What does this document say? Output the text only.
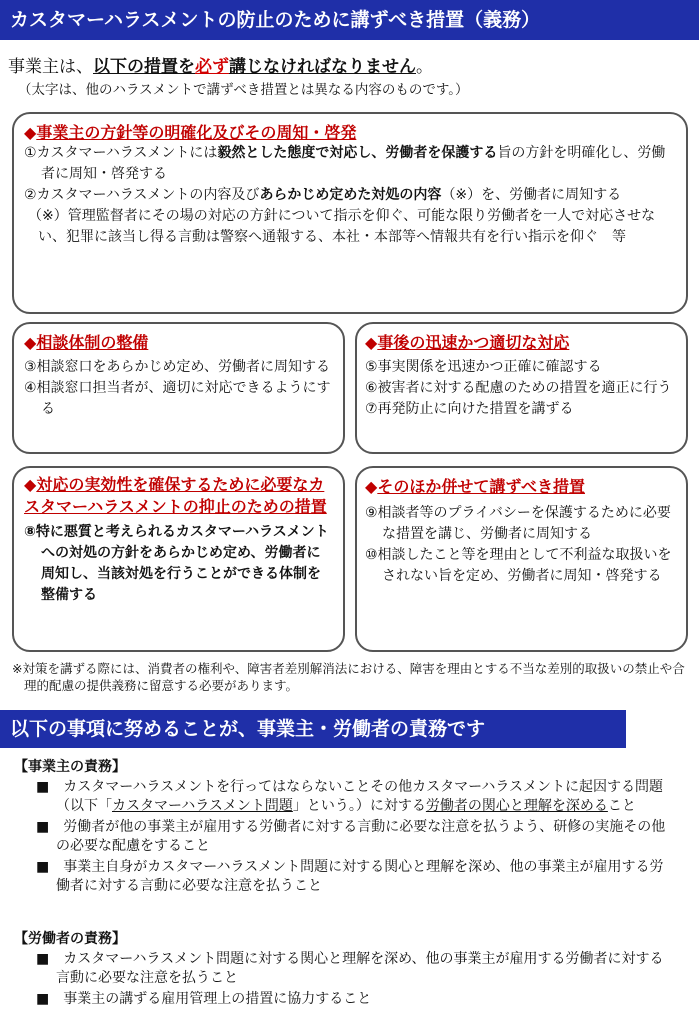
カスタマーハラスメントの防止のために講ずべき措置（義務）
事業主は、以下の措置を必ず講じなければなりません。
（太字は、他のハラスメントで講ずべき措置とは異なる内容のものです。）
◆事業主の方針等の明確化及びその周知・啓発
①カスタマーハラスメントには毅然とした態度で対応し、労働者を保護する旨の方針を明確化し、労働者に周知・啓発する
②カスタマーハラスメントの内容及びあらかじめ定めた対処の内容（※）を、労働者に周知する
（※）管理監督者にその場の対応の方針について指示を仰ぐ、可能な限り労働者を一人で対応させない、犯罪に該当し得る言動は警察へ通報する、本社・本部等へ情報共有を行い指示を仰ぐ　等
◆相談体制の整備
③相談窓口をあらかじめ定め、労働者に周知する
④相談窓口担当者が、適切に対応できるようにする
◆事後の迅速かつ適切な対応
⑤事実関係を迅速かつ正確に確認する
⑥被害者に対する配慮のための措置を適正に行う
⑦再発防止に向けた措置を講ずる
◆対応の実効性を確保するために必要なカスタマーハラスメントの抑止のための措置
⑧特に悪質と考えられるカスタマーハラスメントへの対処の方針をあらかじめ定め、労働者に周知し、当該対処を行うことができる体制を整備する
◆そのほか併せて講ずべき措置
⑨相談者等のプライバシーを保護するために必要な措置を講じ、労働者に周知する
⑩相談したこと等を理由として不利益な取扱いをされない旨を定め、労働者に周知・啓発する
※対策を講ずる際には、消費者の権利や、障害者差別解消法における、障害を理由とする不当な差別的取扱いの禁止や合理的配慮の提供義務に留意する必要があります。
以下の事項に努めることが、事業主・労働者の責務です
【事業主の責務】
■　 カスタマーハラスメントを行ってはならないことその他カスタマーハラスメントに起因する問題（以下「カスタマーハラスメント問題」という。）に対する労働者の関心と理解を深めること
■　 労働者が他の事業主が雇用する労働者に対する言動に必要な注意を払うよう、研修の実施その他の必要な配慮をすること
■　 事業主自身がカスタマーハラスメント問題に対する関心と理解を深め、他の事業主が雇用する労働者に対する言動に必要な注意を払うこと
【労働者の責務】
■　 カスタマーハラスメント問題に対する関心と理解を深め、他の事業主が雇用する労働者に対する言動に必要な注意を払うこと
■　 事業主の講ずる雇用管理上の措置に協力すること
